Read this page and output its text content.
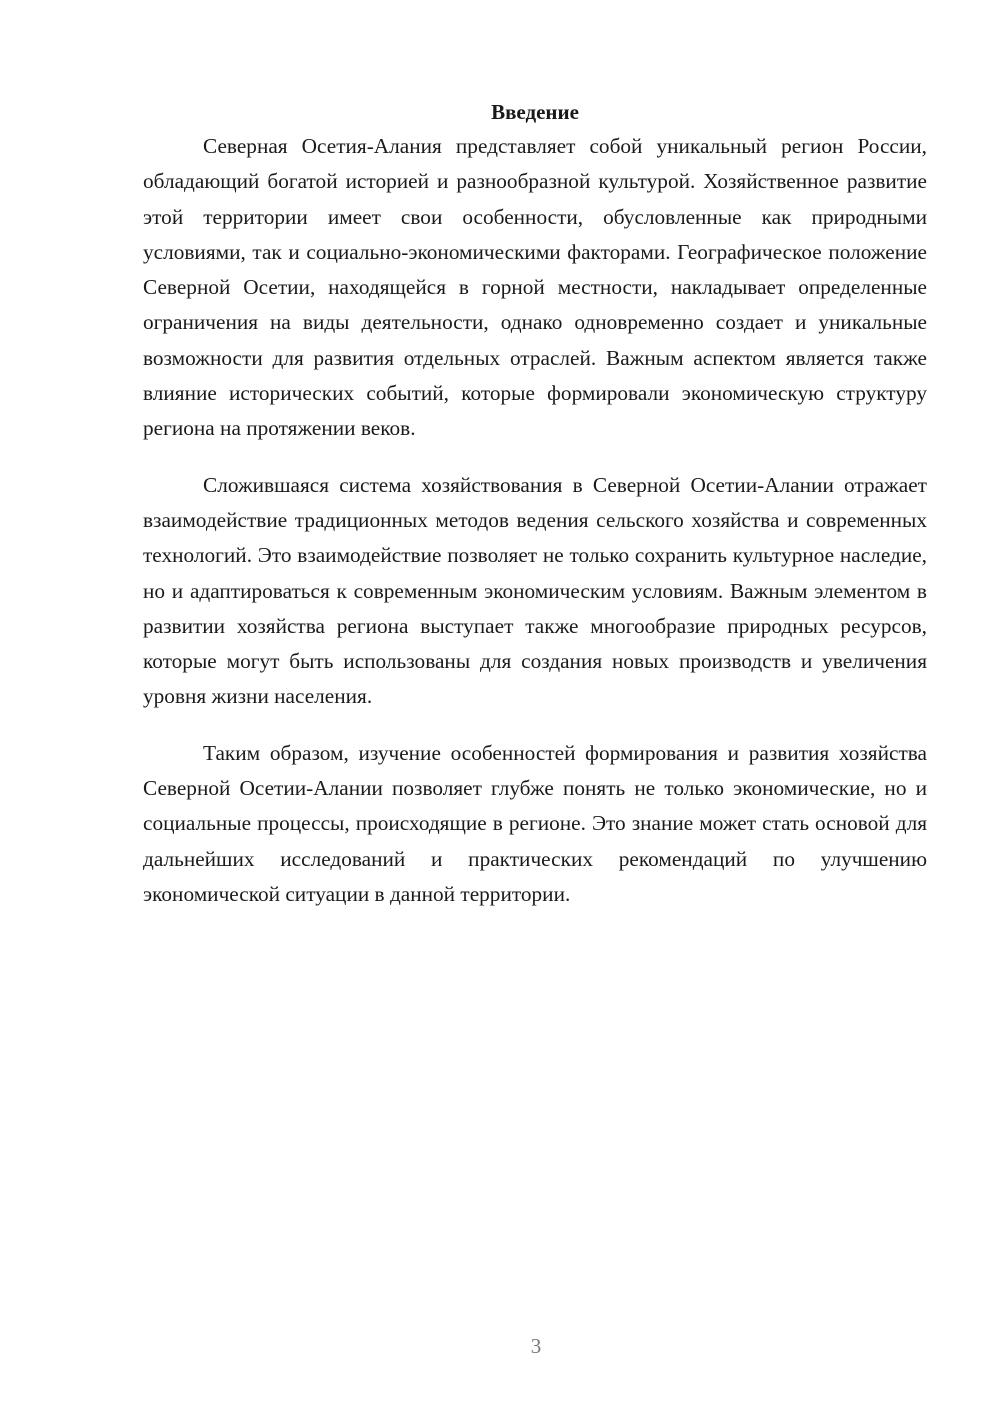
Введение

Северная Осетия-Алания представляет собой уникальный регион России, обладающий богатой историей и разнообразной культурой. Хозяйственное развитие этой территории имеет свои особенности, обусловленные как природными условиями, так и социально-экономическими факторами. Географическое положение Северной Осетии, находящейся в горной местности, накладывает определенные ограничения на виды деятельности, однако одновременно создает и уникальные возможности для развития отдельных отраслей. Важным аспектом является также влияние исторических событий, которые формировали экономическую структуру региона на протяжении веков.

Сложившаяся система хозяйствования в Северной Осетии-Алании отражает взаимодействие традиционных методов ведения сельского хозяйства и современных технологий. Это взаимодействие позволяет не только сохранить культурное наследие, но и адаптироваться к современным экономическим условиям. Важным элементом в развитии хозяйства региона выступает также многообразие природных ресурсов, которые могут быть использованы для создания новых производств и увеличения уровня жизни населения.

Таким образом, изучение особенностей формирования и развития хозяйства Северной Осетии-Алании позволяет глубже понять не только экономические, но и социальные процессы, происходящие в регионе. Это знание может стать основой для дальнейших исследований и практических рекомендаций по улучшению экономической ситуации в данной территории.

3
